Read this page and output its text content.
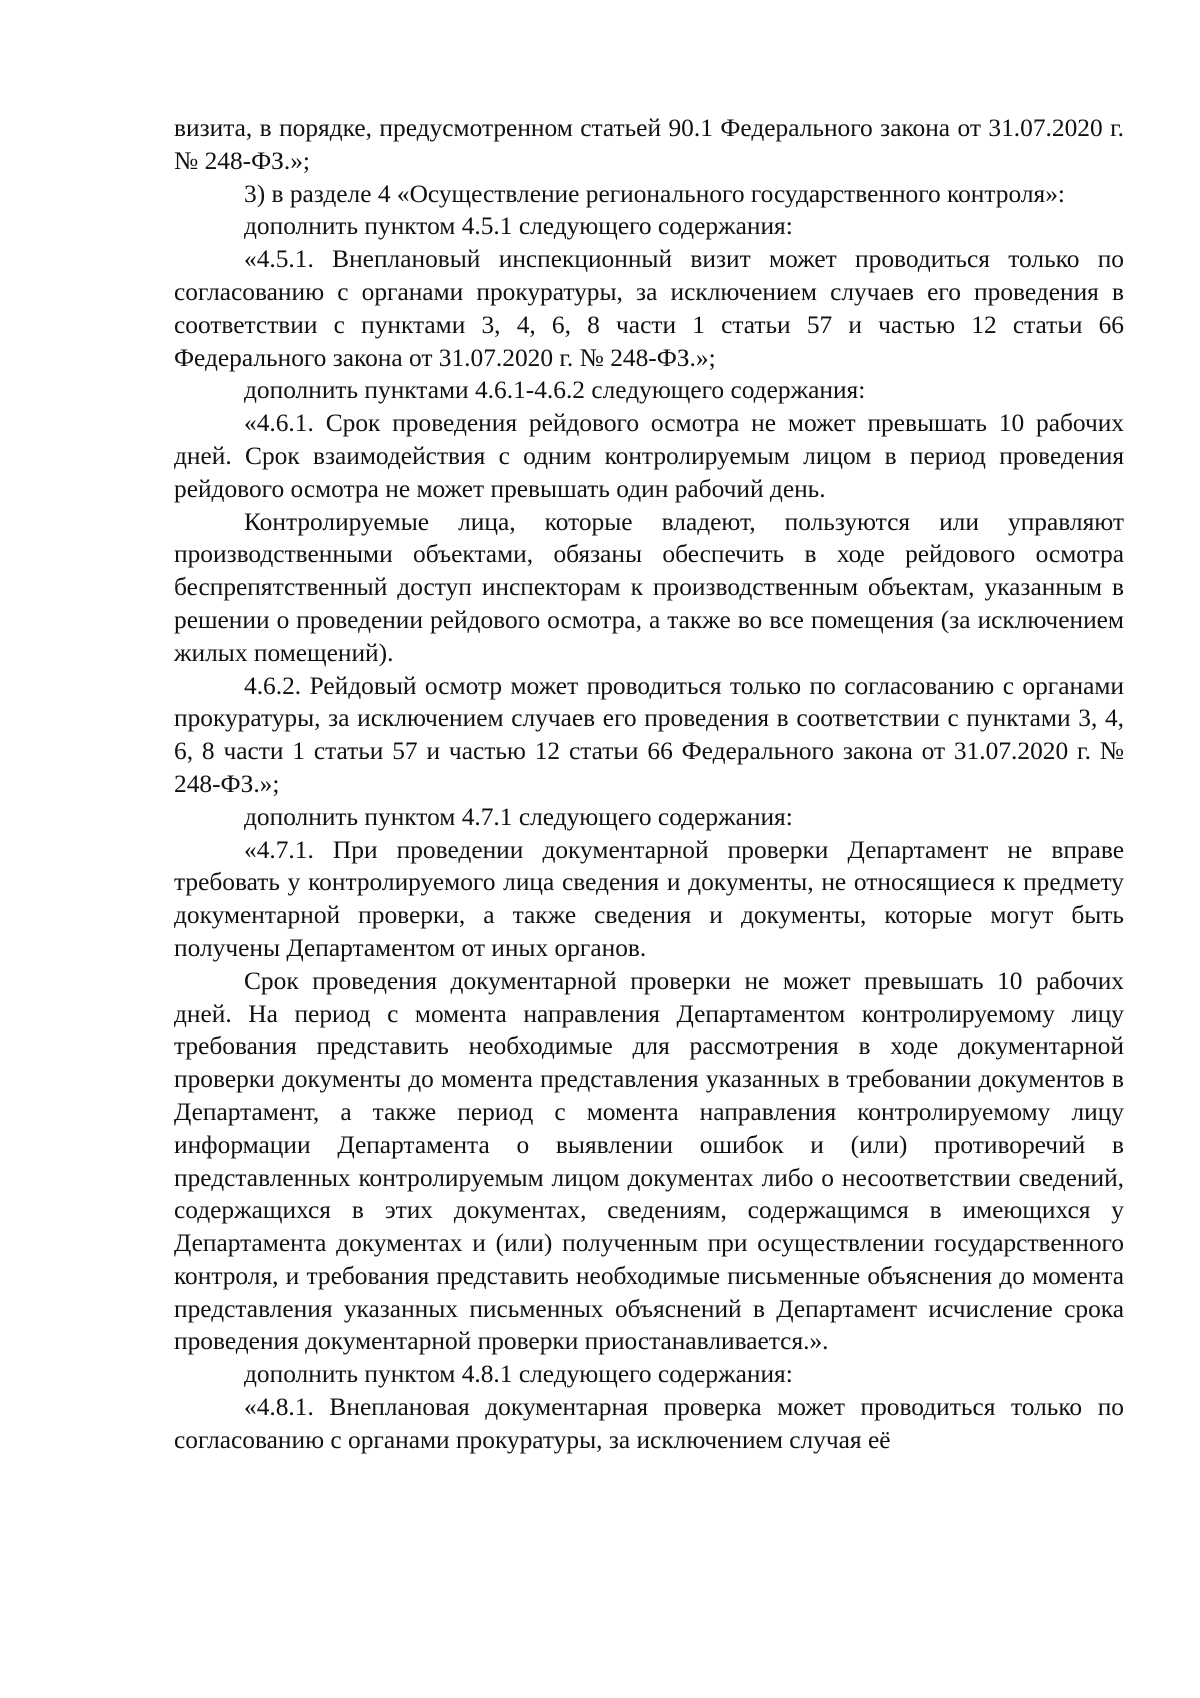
визита, в порядке, предусмотренном статьей 90.1 Федерального закона от 31.07.2020 г. № 248-ФЗ.»;

3) в разделе 4 «Осуществление регионального государственного контроля»:

дополнить пунктом 4.5.1 следующего содержания:

«4.5.1. Внеплановый инспекционный визит может проводиться только по согласованию с органами прокуратуры, за исключением случаев его проведения в соответствии с пунктами 3, 4, 6, 8 части 1 статьи 57 и частью 12 статьи 66 Федерального закона от 31.07.2020 г. № 248-ФЗ.»;

дополнить пунктами 4.6.1-4.6.2 следующего содержания:

«4.6.1. Срок проведения рейдового осмотра не может превышать 10 рабочих дней. Срок взаимодействия с одним контролируемым лицом в период проведения рейдового осмотра не может превышать один рабочий день.

Контролируемые лица, которые владеют, пользуются или управляют производственными объектами, обязаны обеспечить в ходе рейдового осмотра беспрепятственный доступ инспекторам к производственным объектам, указанным в решении о проведении рейдового осмотра, а также во все помещения (за исключением жилых помещений).

4.6.2. Рейдовый осмотр может проводиться только по согласованию с органами прокуратуры, за исключением случаев его проведения в соответствии с пунктами 3, 4, 6, 8 части 1 статьи 57 и частью 12 статьи 66 Федерального закона от 31.07.2020 г. № 248-ФЗ.»;

дополнить пунктом 4.7.1 следующего содержания:

«4.7.1. При проведении документарной проверки Департамент не вправе требовать у контролируемого лица сведения и документы, не относящиеся к предмету документарной проверки, а также сведения и документы, которые могут быть получены Департаментом от иных органов.

Срок проведения документарной проверки не может превышать 10 рабочих дней. На период с момента направления Департаментом контролируемому лицу требования представить необходимые для рассмотрения в ходе документарной проверки документы до момента представления указанных в требовании документов в Департамент, а также период с момента направления контролируемому лицу информации Департамента о выявлении ошибок и (или) противоречий в представленных контролируемым лицом документах либо о несоответствии сведений, содержащихся в этих документах, сведениям, содержащимся в имеющихся у Департамента документах и (или) полученным при осуществлении государственного контроля, и требования представить необходимые письменные объяснения до момента представления указанных письменных объяснений в Департамент исчисление срока проведения документарной проверки приостанавливается.».

дополнить пунктом 4.8.1 следующего содержания:

«4.8.1. Внеплановая документарная проверка может проводиться только по согласованию с органами прокуратуры, за исключением случая её
